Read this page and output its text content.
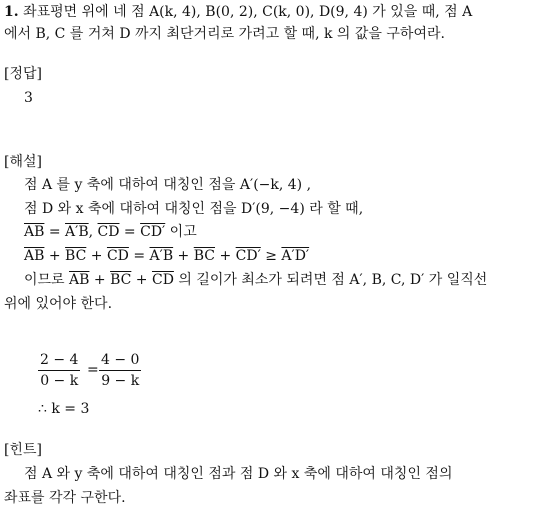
1. 좌표평면 위에 네 점 A(k, 4), B(0, 2), C(k, 0), D(9, 4) 가 있을 때, 점 A
에서 B, C 를 거쳐 D 까지 최단거리로 가려고 할 때, k 의 값을 구하여라.
[정답]
3
[해설]
점 A 를 y 축에 대하여 대칭인 점을 A′(−k, 4) ,
점 D 와 x 축에 대하여 대칭인 점을 D′(9, −4) 라 할 때,
$\overline{AB} = A'B$, $\overline{CD} = CD'$ 이고
$\overline{AB} + \overline{BC} + \overline{CD} = A'B + \overline{BC} + CD' \ge A'D'$
이므로 $\overline{AB} + \overline{BC} + \overline{CD}$ 의 길이가 최소가 되려면 점 A′, B, C, D′ 가 일직선
위에 있어야 한다.
$\frac{2 - 4}{0 - k} = \frac{4 - 0}{9 - k}$
∴ k = 3
[힌트]
점 A 와 y 축에 대하여 대칭인 점과 점 D 와 x 축에 대하여 대칭인 점의
좌표를 각각 구한다.
